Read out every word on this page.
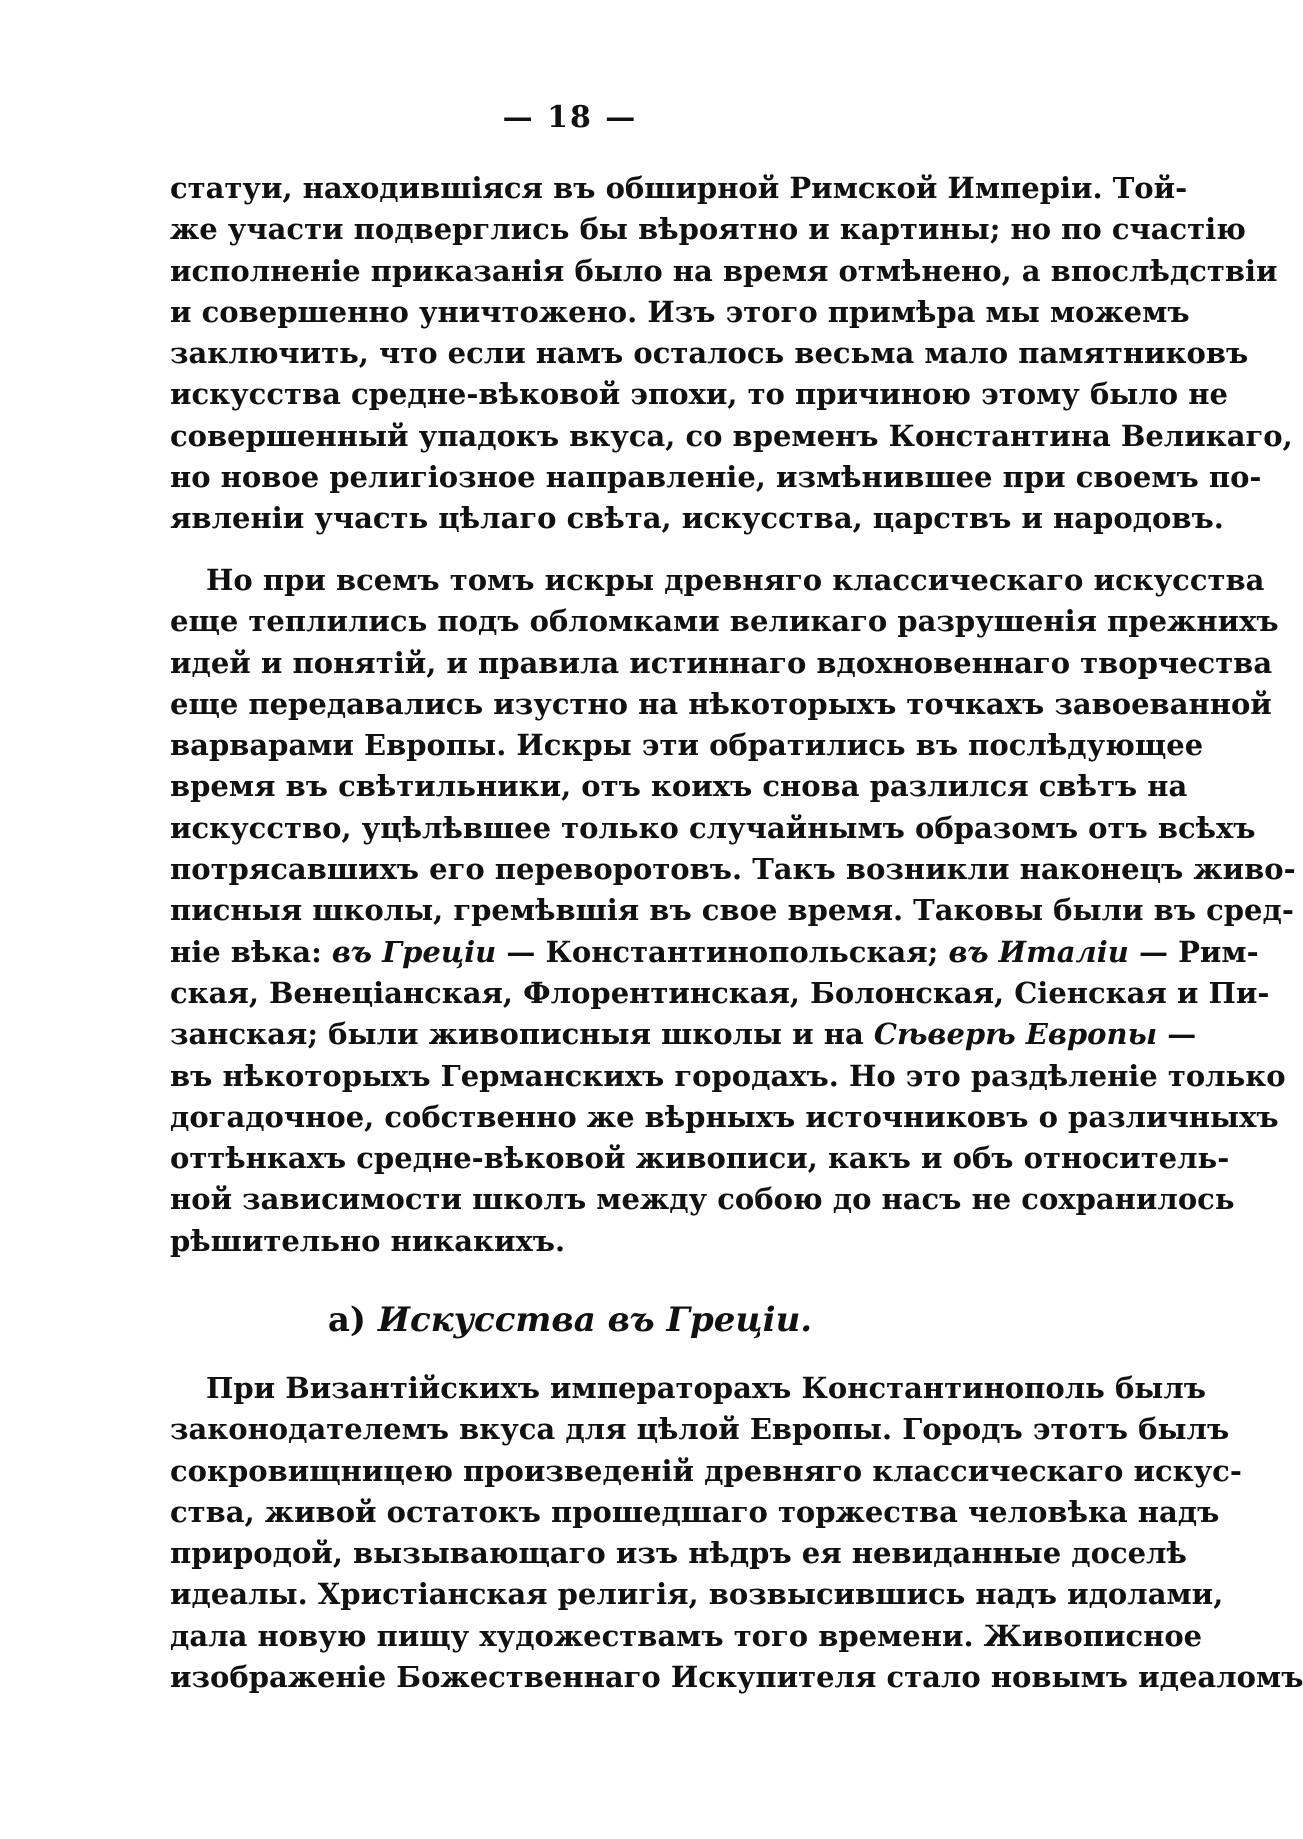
— 18 —
статуи, находившіяся въ обширной Римской Имперіи. Той-
же участи подверглись бы вѣроятно и картины; но по счастію
исполненіе приказанія было на время отмѣнено, а впослѣдствіи
и совершенно уничтожено. Изъ этого примѣра мы можемъ
заключить, что если намъ осталось весьма мало памятниковъ
искусства средне-вѣковой эпохи, то причиною этому было не
совершенный упадокъ вкуса, со временъ Константина Великаго,
но новое религіозное направленіе, измѣнившее при своемъ по-
явленіи участь цѣлаго свѣта, искусства, царствъ и народовъ.
Но при всемъ томъ искры древняго классическаго искусства
еще теплились подъ обломками великаго разрушенія прежнихъ
идей и понятій, и правила истиннаго вдохновеннаго творчества
еще передавались изустно на нѣкоторыхъ точкахъ завоеванной
варварами Европы. Искры эти обратились въ послѣдующее
время въ свѣтильники, отъ коихъ снова разлился свѣтъ на
искусство, уцѣлѣвшее только случайнымъ образомъ отъ всѣхъ
потрясавшихъ его переворотовъ. Такъ возникли наконецъ живо-
писныя школы, гремѣвшія въ свое время. Таковы были въ сред-
ніе вѣка: въ Греціи — Константинопольская; въ Италіи — Рим-
ская, Венеціанская, Флорентинская, Болонская, Сіенская и Пи-
занская; были живописныя школы и на Сѣверѣ Европы —
въ нѣкоторыхъ Германскихъ городахъ. Но это раздѣленіе только
догадочное, собственно же вѣрныхъ источниковъ о различныхъ
оттѣнкахъ средне-вѣковой живописи, какъ и объ относитель-
ной зависимости школъ между собою до насъ не сохранилось
рѣшительно никакихъ.
а) Искусства въ Греціи.
При Византійскихъ императорахъ Константинополь былъ
законодателемъ вкуса для цѣлой Европы. Городъ этотъ былъ
сокровищницею произведеній древняго классическаго искус-
ства, живой остатокъ прошедшаго торжества человѣка надъ
природой, вызывающаго изъ нѣдръ ея невиданные доселѣ
идеалы. Христіанская религія, возвысившись надъ идолами,
дала новую пищу художествамъ того времени. Живописное
изображеніе Божественнаго Искупителя стало новымъ идеаломъ
